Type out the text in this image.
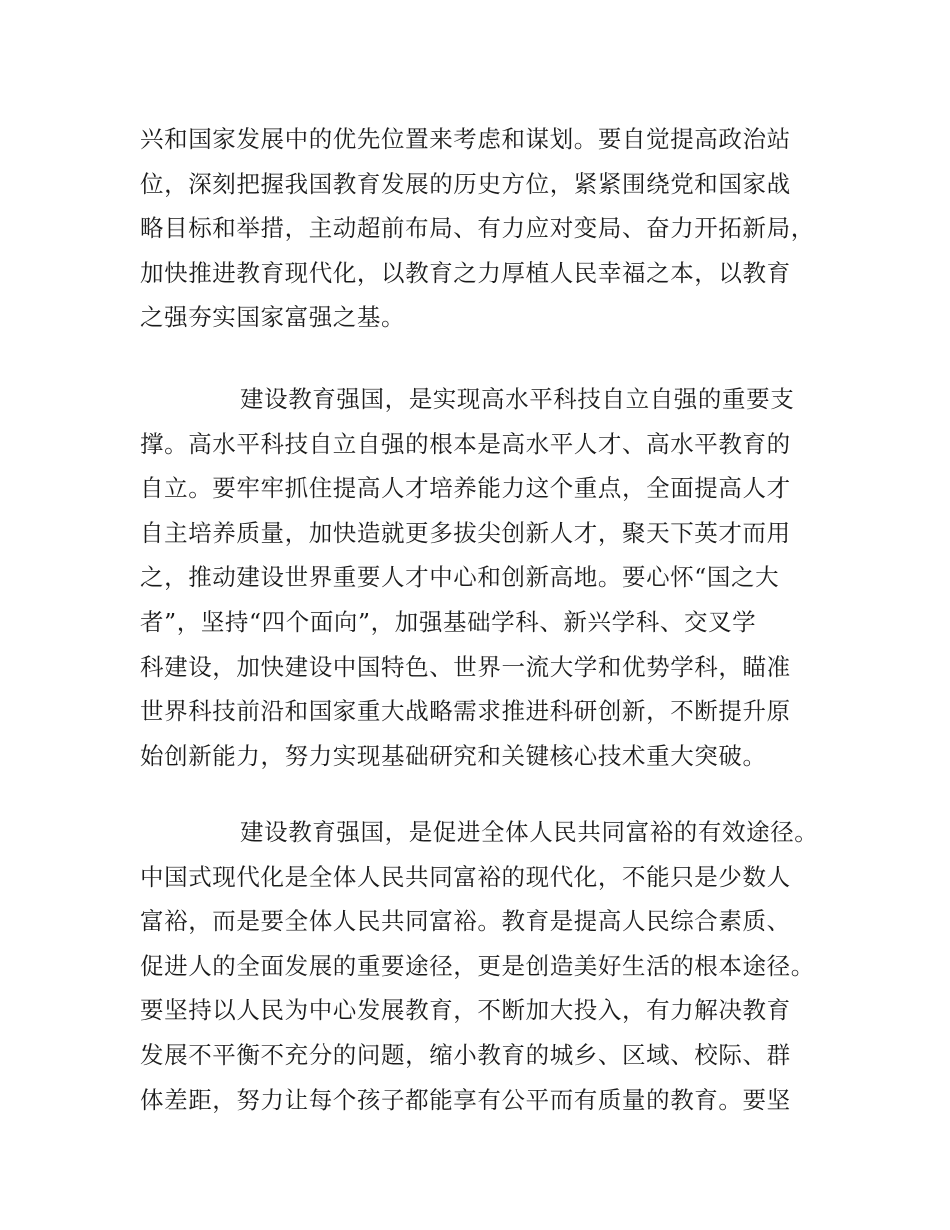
兴和国家发展中的优先位置来考虑和谋划。要自觉提高政治站
位，深刻把握我国教育发展的历史方位，紧紧围绕党和国家战
略目标和举措，主动超前布局、有力应对变局、奋力开拓新局，
加快推进教育现代化，以教育之力厚植人民幸福之本，以教育
之强夯实国家富强之基。
建设教育强国，是实现高水平科技自立自强的重要支
撑。高水平科技自立自强的根本是高水平人才、高水平教育的
自立。要牢牢抓住提高人才培养能力这个重点，全面提高人才
自主培养质量，加快造就更多拔尖创新人才，聚天下英才而用
之，推动建设世界重要人才中心和创新高地。要心怀“国之大
者”，坚持“四个面向”，加强基础学科、新兴学科、交叉学
科建设，加快建设中国特色、世界一流大学和优势学科，瞄准
世界科技前沿和国家重大战略需求推进科研创新，不断提升原
始创新能力，努力实现基础研究和关键核心技术重大突破。
建设教育强国，是促进全体人民共同富裕的有效途径。
中国式现代化是全体人民共同富裕的现代化，不能只是少数人
富裕，而是要全体人民共同富裕。教育是提高人民综合素质、
促进人的全面发展的重要途径，更是创造美好生活的根本途径。
要坚持以人民为中心发展教育，不断加大投入，有力解决教育
发展不平衡不充分的问题，缩小教育的城乡、区域、校际、群
体差距，努力让每个孩子都能享有公平而有质量的教育。要坚
